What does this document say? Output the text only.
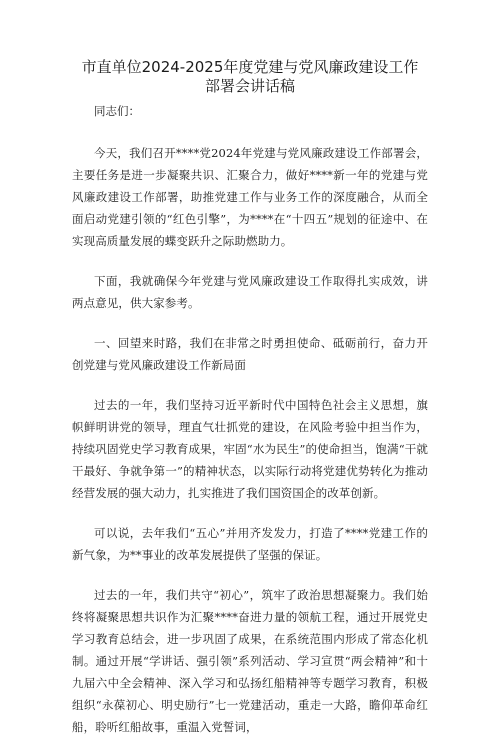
市直单位2024-2025年度党建与党风廉政建设工作部署会讲话稿
同志们：

今天，我们召开****党2024年党建与党风廉政建设工作部署会，主要任务是进一步凝聚共识、汇聚合力，做好****新一年的党建与党风廉政建设工作部署，助推党建工作与业务工作的深度融合，从而全面启动党建引领的“红色引擎”，为****在“十四五”规划的征途中、在实现高质量发展的蝶变跃升之际助燃助力。

下面，我就确保今年党建与党风廉政建设工作取得扎实成效，讲两点意见，供大家参考。

一、回望来时路，我们在非常之时勇担使命、砥砺前行，奋力开创党建与党风廉政建设工作新局面

过去的一年，我们坚持习近平新时代中国特色社会主义思想，旗帜鲜明讲党的领导，理直气壮抓党的建设，在风险考验中担当作为，持续巩固党史学习教育成果，牢固“水为民生”的使命担当，饱满“干就干最好、争就争第一”的精神状态，以实际行动将党建优势转化为推动经营发展的强大动力，扎实推进了我们国资国企的改革创新。

可以说，去年我们“五心”并用齐发发力，打造了****党建工作的新气象，为**事业的改革发展提供了坚强的保证。

过去的一年，我们共守“初心”，筑牢了政治思想凝聚力。我们始终将凝聚思想共识作为汇聚****奋进力量的领航工程，通过开展党史学习教育总结会，进一步巩固了成果，在系统范围内形成了常态化机制。通过开展“学讲话、强引领”系列活动、学习宣贯“两会精神”和十九届六中全会精神、深入学习和弘扬红船精神等专题学习教育，积极组织“永葆初心、明史励行”七一党建活动，重走一大路，瞻仰革命红船，聆听红船故事，重温入党誓词，
